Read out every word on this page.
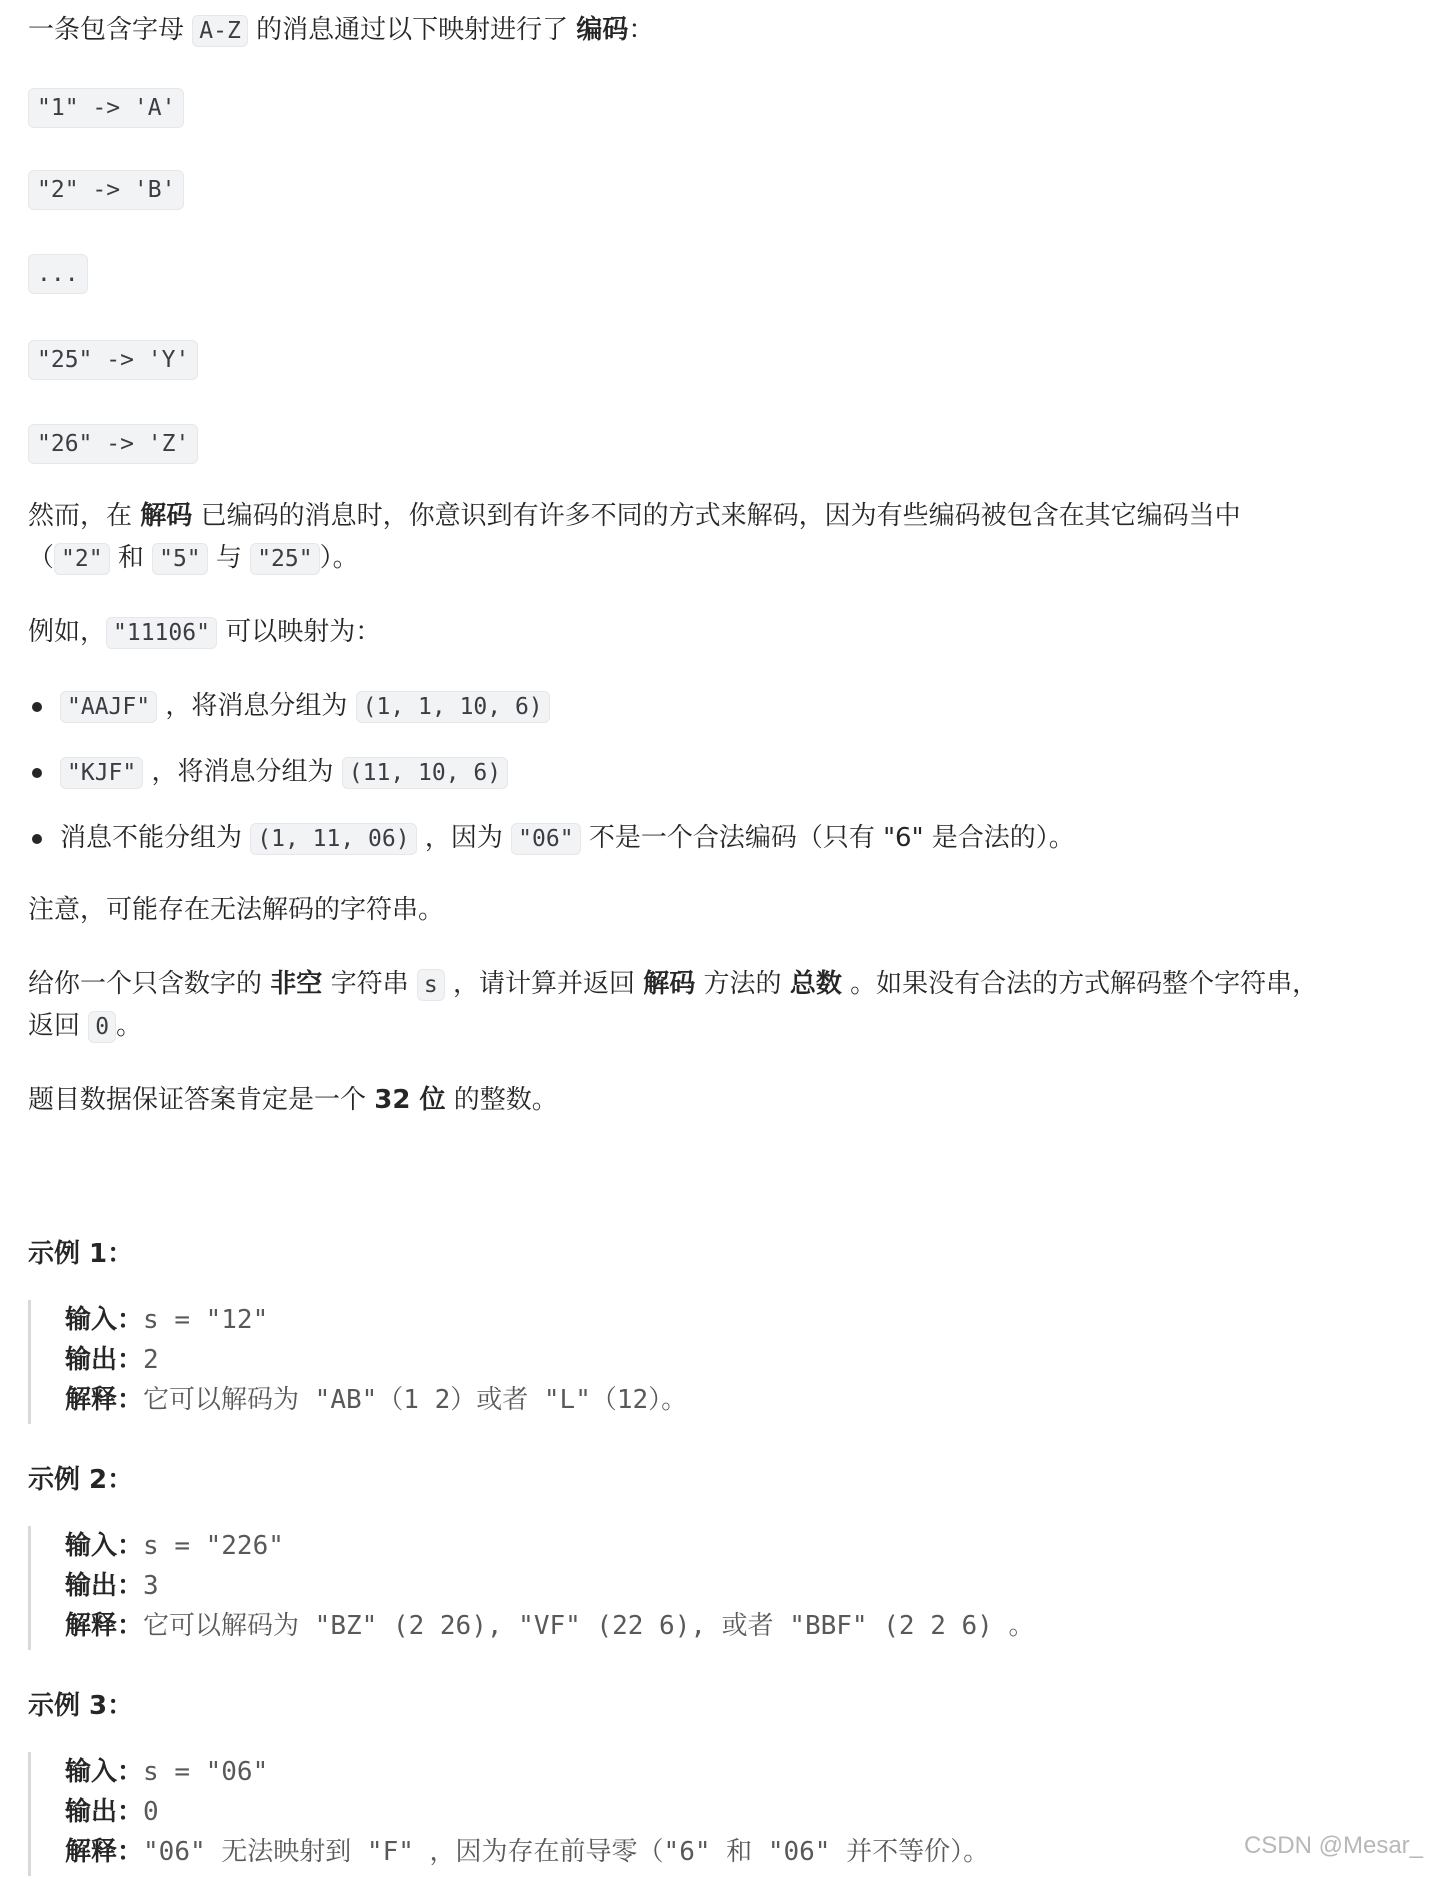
一条包含字母 A-Z 的消息通过以下映射进行了 编码：
"1" -> 'A'
"2" -> 'B'
...
"25" -> 'Y'
"26" -> 'Z'
然而，在 解码 已编码的消息时，你意识到有许多不同的方式来解码，因为有些编码被包含在其它编码当中
（ "2" 和 "5" 与 "25" ）。
例如， "11106" 可以映射为：
"AAJF" ，将消息分组为 (1, 1, 10, 6)
"KJF" ，将消息分组为 (11, 10, 6)
消息不能分组为 (1, 11, 06) ，因为 "06" 不是一个合法编码（只有 "6" 是合法的）。
注意，可能存在无法解码的字符串。
给你一个只含数字的 非空 字符串 s ，请计算并返回 解码 方法的 总数 。如果没有合法的方式解码整个字符串，
返回 0 。
题目数据保证答案肯定是一个 32 位 的整数。
示例 1：
输入：s = "12"
输出：2
解释：它可以解码为 "AB"（1 2）或者 "L"（12）。
示例 2：
输入：s = "226"
输出：3
解释：它可以解码为 "BZ" (2 26), "VF" (22 6), 或者 "BBF" (2 2 6) 。
示例 3：
输入：s = "06"
输出：0
解释："06" 无法映射到 "F" ，因为存在前导零（"6" 和 "06" 并不等价）。	CSDN @Mesar_
